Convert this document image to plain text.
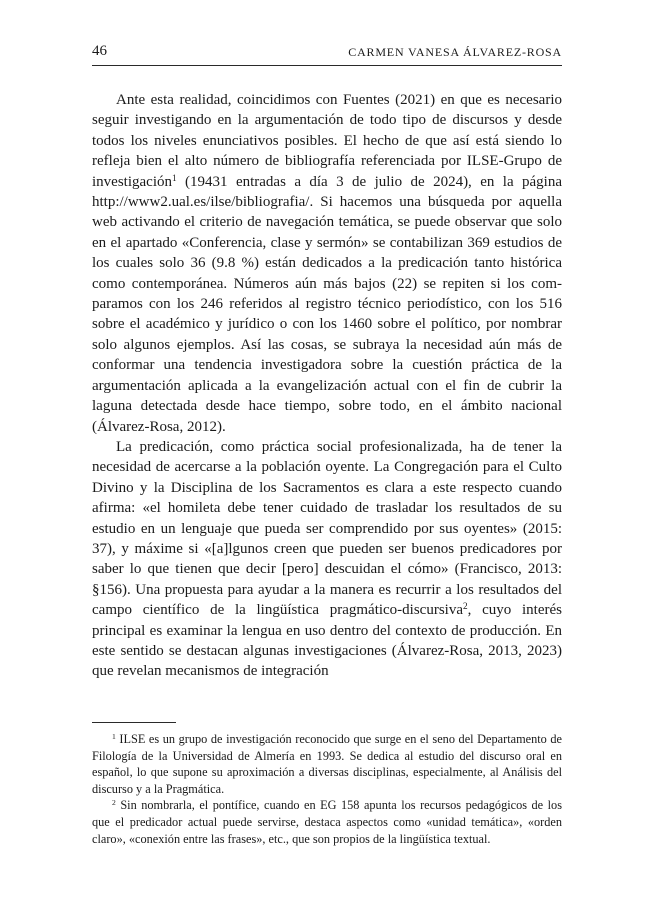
46	CARMEN VANESA ÁLVAREZ-ROSA

Ante esta realidad, coincidimos con Fuentes (2021) en que es necesario seguir investigando en la argumentación de todo tipo de discursos y desde todos los niveles enunciativos posibles. El hecho de que así está siendo lo refleja bien el alto número de bibliografía referenciada por ILSE-Grupo de investigación$^1$ (19431 entradas a día 3 de julio de 2024), en la página http://www2.ual.es/ilse/bibliografia/. Si hacemos una búsqueda por aquella web activando el criterio de navegación temática, se puede observar que solo en el apartado «Conferencia, clase y sermón» se contabilizan 369 estudios de los cuales solo 36 (9.8 %) están dedicados a la predicación tanto histórica como contemporánea. Números aún más bajos (22) se repiten si los comparamos con los 246 referidos al registro técnico periodístico, con los 516 sobre el académico y jurídico o con los 1460 sobre el político, por nombrar solo algunos ejemplos. Así las cosas, se subraya la necesidad aún más de conformar una tendencia investigadora sobre la cuestión práctica de la argumentación aplicada a la evangelización actual con el fin de cubrir la laguna detectada desde hace tiempo, sobre todo, en el ámbito nacional (Álvarez-Rosa, 2012).

La predicación, como práctica social profesionalizada, ha de tener la necesidad de acercarse a la población oyente. La Congregación para el Culto Divino y la Disciplina de los Sacramentos es clara a este respecto cuando afirma: «el homileta debe tener cuidado de trasladar los resultados de su estudio en un lenguaje que pueda ser comprendido por sus oyentes» (2015: 37), y máxime si «[a]lgunos creen que pueden ser buenos predicadores por saber lo que tienen que decir [pero] descuidan el cómo» (Francisco, 2013: §156). Una propuesta para ayudar a la manera es recurrir a los resultados del campo científico de la lingüística pragmático-discursiva$^2$, cuyo interés principal es examinar la lengua en uso dentro del contexto de producción. En este sentido se destacan algunas investigaciones (Álvarez-Rosa, 2013, 2023) que revelan mecanismos de integración

$^1$ ILSE es un grupo de investigación reconocido que surge en el seno del Departamento de Filología de la Universidad de Almería en 1993. Se dedica al estudio del discurso oral en español, lo que supone su aproximación a diversas disciplinas, especialmente, al Análisis del discurso y a la Pragmática.

$^2$ Sin nombrarla, el pontífice, cuando en EG 158 apunta los recursos pedagógicos de los que el predicador actual puede servirse, destaca aspectos como «unidad temática», «orden claro», «conexión entre las frases», etc., que son propios de la lingüística textual.
